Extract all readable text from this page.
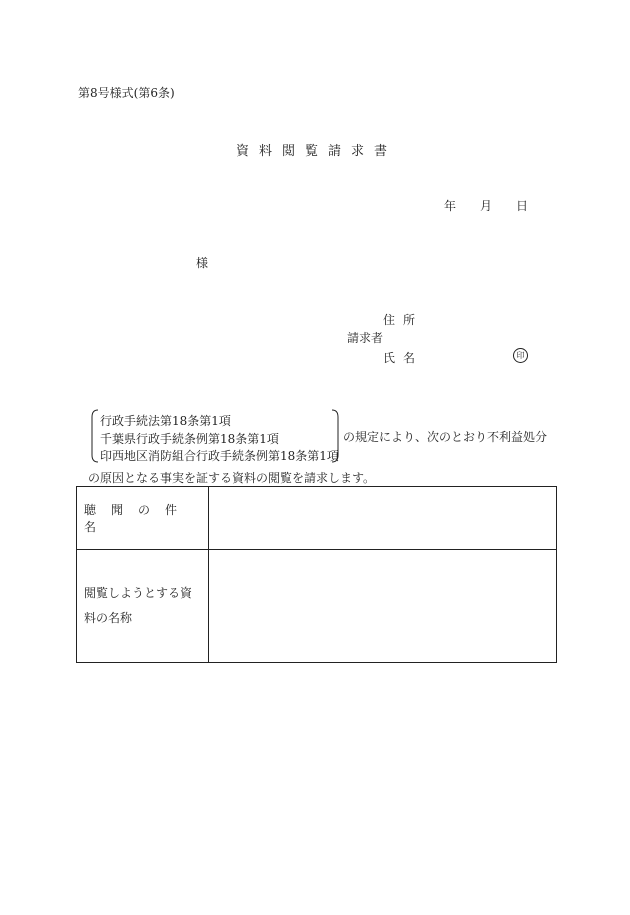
第8号様式(第6条)
資料閲覧請求書
年 月 日
様
住所
請求者
氏名	印
行政手続法第18条第1項
千葉県行政手続条例第18条第1項
印西地区消防組合行政手続条例第18条第1項
の規定により、次のとおり不利益処分
の原因となる事実を証する資料の閲覧を請求します。
聴聞の件名	

閲覧しようとする資
料の名称	
